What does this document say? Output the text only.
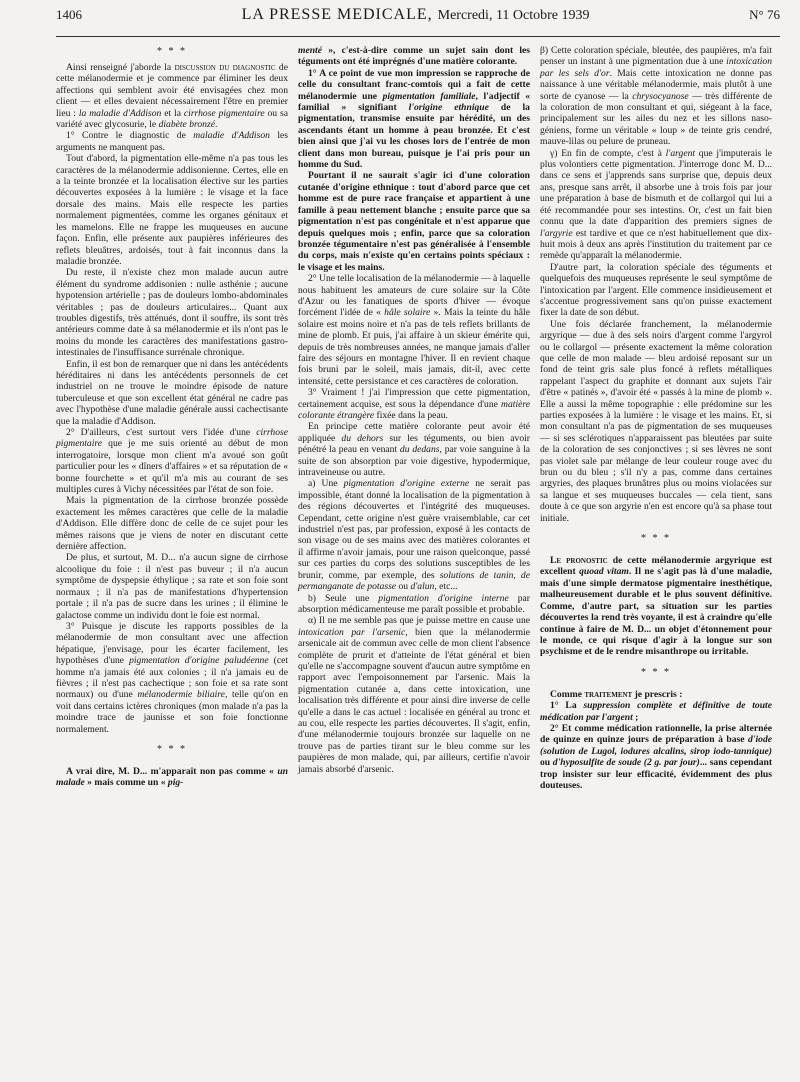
1406	LA PRESSE MEDICALE, Mercredi, 11 Octobre 1939	N° 76
* * *

Ainsi renseigné j'aborde la discussion du diagnostic de cette mélanodermie et je commence par éliminer les deux affections qui semblent avoir été envisagées chez mon client — et elles devaient nécessairement l'être en premier lieu : la maladie d'Addison et la cirrhose pigmentaire ou sa variété avec glycosurie, le diabète bronzé.

1° Contre le diagnostic de maladie d'Addison les arguments ne manquent pas.

Tout d'abord, la pigmentation elle-même n'a pas tous les caractères de la mélanodermie addisonienne. Certes, elle en a la teinte bronzée et la localisation élective sur les parties découvertes exposées à la lumière : le visage et la face dorsale des mains. Mais elle respecte les parties normalement pigmentées, comme les organes génitaux et les mamelons. Elle ne frappe les muqueuses en aucune façon. Enfin, elle présente aux paupières inférieures des reflets bleuâtres, ardoisés, tout à fait inconnus dans la maladie bronzée.

Du reste, il n'existe chez mon malade aucun autre élément du syndrome addisonien : nulle asthénie ; aucune hypotension artérielle ; pas de douleurs lombo-abdominales véritables ; pas de douleurs articulaires... Quant aux troubles digestifs, très atténués, dont il souffre, ils sont très antérieurs comme date à sa mélanodermie et ils n'ont pas le moins du monde les caractères des manifestations gastro-intestinales de l'insuffisance surrénale chronique.

Enfin, il est bon de remarquer que ni dans les antécédents héréditaires ni dans les antécédents personnels de cet industriel on ne trouve le moindre épisode de nature tuberculeuse et que son excellent état général ne cadre pas avec l'hypothèse d'une maladie générale aussi cachectisante que la maladie d'Addison.

2° D'ailleurs, c'est surtout vers l'idée d'une cirrhose pigmentaire que je me suis orienté au début de mon interrogatoire, lorsque mon client m'a avoué son goût particulier pour les « dîners d'affaires » et sa réputation de « bonne fourchette » et qu'il m'a mis au courant de ses multiples cures à Vichy nécessitées par l'état de son foie.

Mais la pigmentation de la cirrhose bronzée possède exactement les mêmes caractères que celle de la maladie d'Addison. Elle diffère donc de celle de ce sujet pour les mêmes raisons que je viens de noter en discutant cette dernière affection.

De plus, et surtout, M. D... n'a aucun signe de cirrhose alcoolique du foie : il n'est pas buveur ; il n'a aucun symptôme de dyspepsie éthylique ; sa rate et son foie sont normaux ; il n'a pas de manifestations d'hypertension portale ; il n'a pas de sucre dans les urines ; il élimine le galactose comme un individu dont le foie est normal.

3° Puisque je discute les rapports possibles de la mélanodermie de mon consultant avec une affection hépatique, j'envisage, pour les écarter facilement, les hypothèses d'une pigmentation d'origine paludéenne (cet homme n'a jamais été aux colonies ; il n'a jamais eu de fièvres ; il n'est pas cachectique ; son foie et sa rate sont normaux) ou d'une mélanodermie biliaire, telle qu'on en voit dans certains ictères chroniques (mon malade n'a pas la moindre trace de jaunisse et son foie fonctionne normalement.

* * *

A vrai dire, M. D... m'apparaît non pas comme « un malade » mais comme un « pig-

menté », c'est-à-dire comme un sujet sain dont les téguments ont été imprégnés d'une matière colorante.

1° A ce point de vue mon impression se rapproche de celle du consultant franc-comtois qui a fait de cette mélanodermie une pigmentation familiale, l'adjectif « familial » signifiant l'origine ethnique de la pigmentation, transmise ensuite par hérédité, un des ascendants étant un homme à peau bronzée. Et c'est bien ainsi que j'ai vu les choses lors de l'entrée de mon client dans mon bureau, puisque je l'ai pris pour un homme du Sud.

Pourtant il ne saurait s'agir ici d'une coloration cutanée d'origine ethnique : tout d'abord parce que cet homme est de pure race française et appartient à une famille à peau nettement blanche ; ensuite parce que sa pigmentation n'est pas congénitale et n'est apparue que depuis quelques mois ; enfin, parce que sa coloration bronzée tégumentaire n'est pas généralisée à l'ensemble du corps, mais n'existe qu'en certains points spéciaux : le visage et les mains.

2° Une telle localisation de la mélanodermie — à laquelle nous habituent les amateurs de cure solaire sur la Côte d'Azur ou les fanatiques de sports d'hiver — évoque forcément l'idée de « hâle solaire ». Mais la teinte du hâle solaire est moins noire et n'a pas de tels reflets brillants de mine de plomb. Et puis, j'ai affaire à un skieur émérite qui, depuis de très nombreuses années, ne manque jamais d'aller faire des séjours en montagne l'hiver. Il en revient chaque fois bruni par le soleil, mais jamais, dit-il, avec cette intensité, cette persistance et ces caractères de coloration.

3° Vraiment ! j'ai l'impression que cette pigmentation, certainement acquise, est sous la dépendance d'une matière colorante étrangère fixée dans la peau.

En principe cette matière colorante peut avoir été appliquée du dehors sur les téguments, ou bien avoir pénétré la peau en venant du dedans, par voie sanguine à la suite de son absorption par voie digestive, hypodermique, intraveineuse ou autre.

a) Une pigmentation d'origine externe ne serait pas impossible, étant donné la localisation de la pigmentation à des régions découvertes et l'intégrité des muqueuses. Cependant, cette origine n'est guère vraisemblable, car cet industriel n'est pas, par profession, exposé à les contacts de son visage ou de ses mains avec des matières colorantes et il affirme n'avoir jamais, pour une raison quelconque, passé sur ces parties du corps des solutions susceptibles de les brunir, comme, par exemple, des solutions de tanin, de permanganate de potasse ou d'alun, etc...

b) Seule une pigmentation d'origine interne par absorption médicamenteuse me paraît possible et probable.

α) Il ne me semble pas que je puisse mettre en cause une intoxication par l'arsenic, bien que la mélanodermie arsenicale ait de commun avec celle de mon client l'absence complète de prurit et d'atteinte de l'état général et bien qu'elle ne s'accompagne souvent d'aucun autre symptôme en rapport avec l'empoisonnement par l'arsenic. Mais la pigmentation cutanée a, dans cette intoxication, une localisation très différente et pour ainsi dire inverse de celle qu'elle a dans le cas actuel : localisée en général au tronc et au cou, elle respecte les parties découvertes. Il s'agit, enfin, d'une mélanodermie toujours bronzée sur laquelle on ne trouve pas de parties tirant sur le bleu comme sur les paupières de mon malade, qui, par ailleurs, certifie n'avoir jamais absorbé d'arsenic.

β) Cette coloration spéciale, bleutée, des paupières, m'a fait penser un instant à une pigmentation due à une intoxication par les sels d'or. Mais cette intoxication ne donne pas naissance à une véritable mélanodermie, mais plutôt à une sorte de cyanose — la chrysocyanose — très différente de la coloration de mon consultant et qui, siégeant à la face, principalement sur les ailes du nez et les sillons naso-géniens, forme un véritable « loup » de teinte gris cendré, mauve-lilas ou pelure de pruneau.

γ) En fin de compte, c'est à l'argent que j'imputerais le plus volontiers cette pigmentation. J'interroge donc M. D... dans ce sens et j'apprends sans surprise que, depuis deux ans, presque sans arrêt, il absorbe une à trois fois par jour une préparation à base de bismuth et de collargol qui lui a été recommandée pour ses intestins. Or, c'est un fait bien connu que la date d'apparition des premiers signes de l'argyrie est tardive et que ce n'est habituellement que dix-huit mois à deux ans après l'institution du traitement par ce remède qu'apparaît la mélanodermie.

D'autre part, la coloration spéciale des téguments et quelquefois des muqueuses représente le seul symptôme de l'intoxication par l'argent. Elle commence insidieusement et s'accentue progressivement sans qu'on puisse exactement fixer la date de son début.

Une fois déclarée franchement, la mélanodermie argyrique — due à des sels noirs d'argent comme l'argyrol ou le collargol — présente exactement la même coloration que celle de mon malade — bleu ardoisé reposant sur un fond de teint gris sale plus foncé à reflets métalliques rappelant l'aspect du graphite et donnant aux sujets l'air d'être « patinés », d'avoir été « passés à la mine de plomb ». Elle a aussi la même topographie : elle prédomine sur les parties exposées à la lumière : le visage et les mains. Et, si mon consultant n'a pas de pigmentation de ses muqueuses — si ses sclérotiques n'apparaissent pas bleutées par suite de la coloration de ses conjonctives ; si ses lèvres ne sont pas violet sale par mélange de leur couleur rouge avec du brun ou du bleu ; s'il n'y a pas, comme dans certaines argyries, des plaques brunâtres plus ou moins violacées sur sa langue et ses muqueuses buccales — cela tient, sans doute à ce que son argyrie n'en est encore qu'à sa phase tout initiale.

* * *

Le pronostic de cette mélanodermie argyrique est excellent quoad vitam. Il ne s'agit pas là d'une maladie, mais d'une simple dermatose pigmentaire inesthétique, malheureusement durable et le plus souvent définitive. Comme, d'autre part, sa situation sur les parties découvertes la rend très voyante, il est à craindre qu'elle continue à faire de M. D... un objet d'étonnement pour le monde, ce qui risque d'agir à la longue sur son psychisme et de le rendre misanthrope ou irritable.

* * *

Comme traitement je prescris :

1° La suppression complète et définitive de toute médication par l'argent ;

2° Et comme médication rationnelle, la prise alternée de quinze en quinze jours de préparation à base d'iode (solution de Lugol, iodures alcalins, sirop iodo-tannique) ou d'hyposulfite de soude (2 g. par jour)... sans cependant trop insister sur leur efficacité, évidemment des plus douteuses.
